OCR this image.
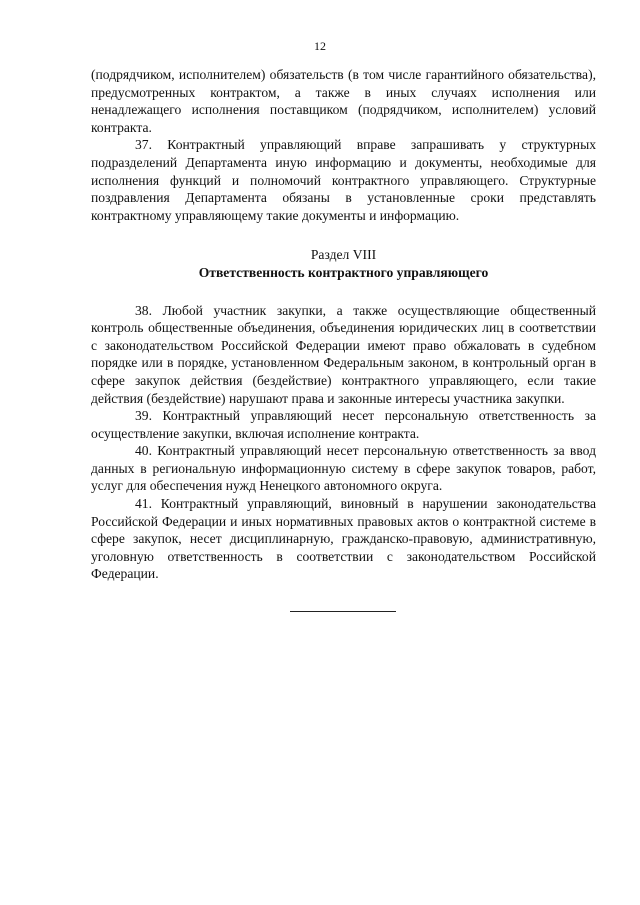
12

(подрядчиком, исполнителем) обязательств (в том числе гарантийного обязательства), предусмотренных контрактом, а также в иных случаях исполнения или ненадлежащего исполнения поставщиком (подрядчиком, исполнителем) условий контракта.

37. Контрактный управляющий вправе запрашивать у структурных подразделений Департамента иную информацию и документы, необходимые для исполнения функций и полномочий контрактного управляющего. Структурные поздравления Департамента обязаны в установленные сроки представлять контрактному управляющему такие документы и информацию.

Раздел VIII

Ответственность контрактного управляющего

38. Любой участник закупки, а также осуществляющие общественный контроль общественные объединения, объединения юридических лиц в соответствии с законодательством Российской Федерации имеют право обжаловать в судебном порядке или в порядке, установленном Федеральным законом, в контрольный орган в сфере закупок действия (бездействие) контрактного управляющего, если такие действия (бездействие) нарушают права и законные интересы участника закупки.

39. Контрактный управляющий несет персональную ответственность за осуществление закупки, включая исполнение контракта.

40. Контрактный управляющий несет персональную ответственность за ввод данных в региональную информационную систему в сфере закупок товаров, работ, услуг для обеспечения нужд Ненецкого автономного округа.

41. Контрактный управляющий, виновный в нарушении законодательства Российской Федерации и иных нормативных правовых актов о контрактной системе в сфере закупок, несет дисциплинарную, гражданско-правовую, административную, уголовную ответственность в соответствии с законодательством Российской Федерации.
